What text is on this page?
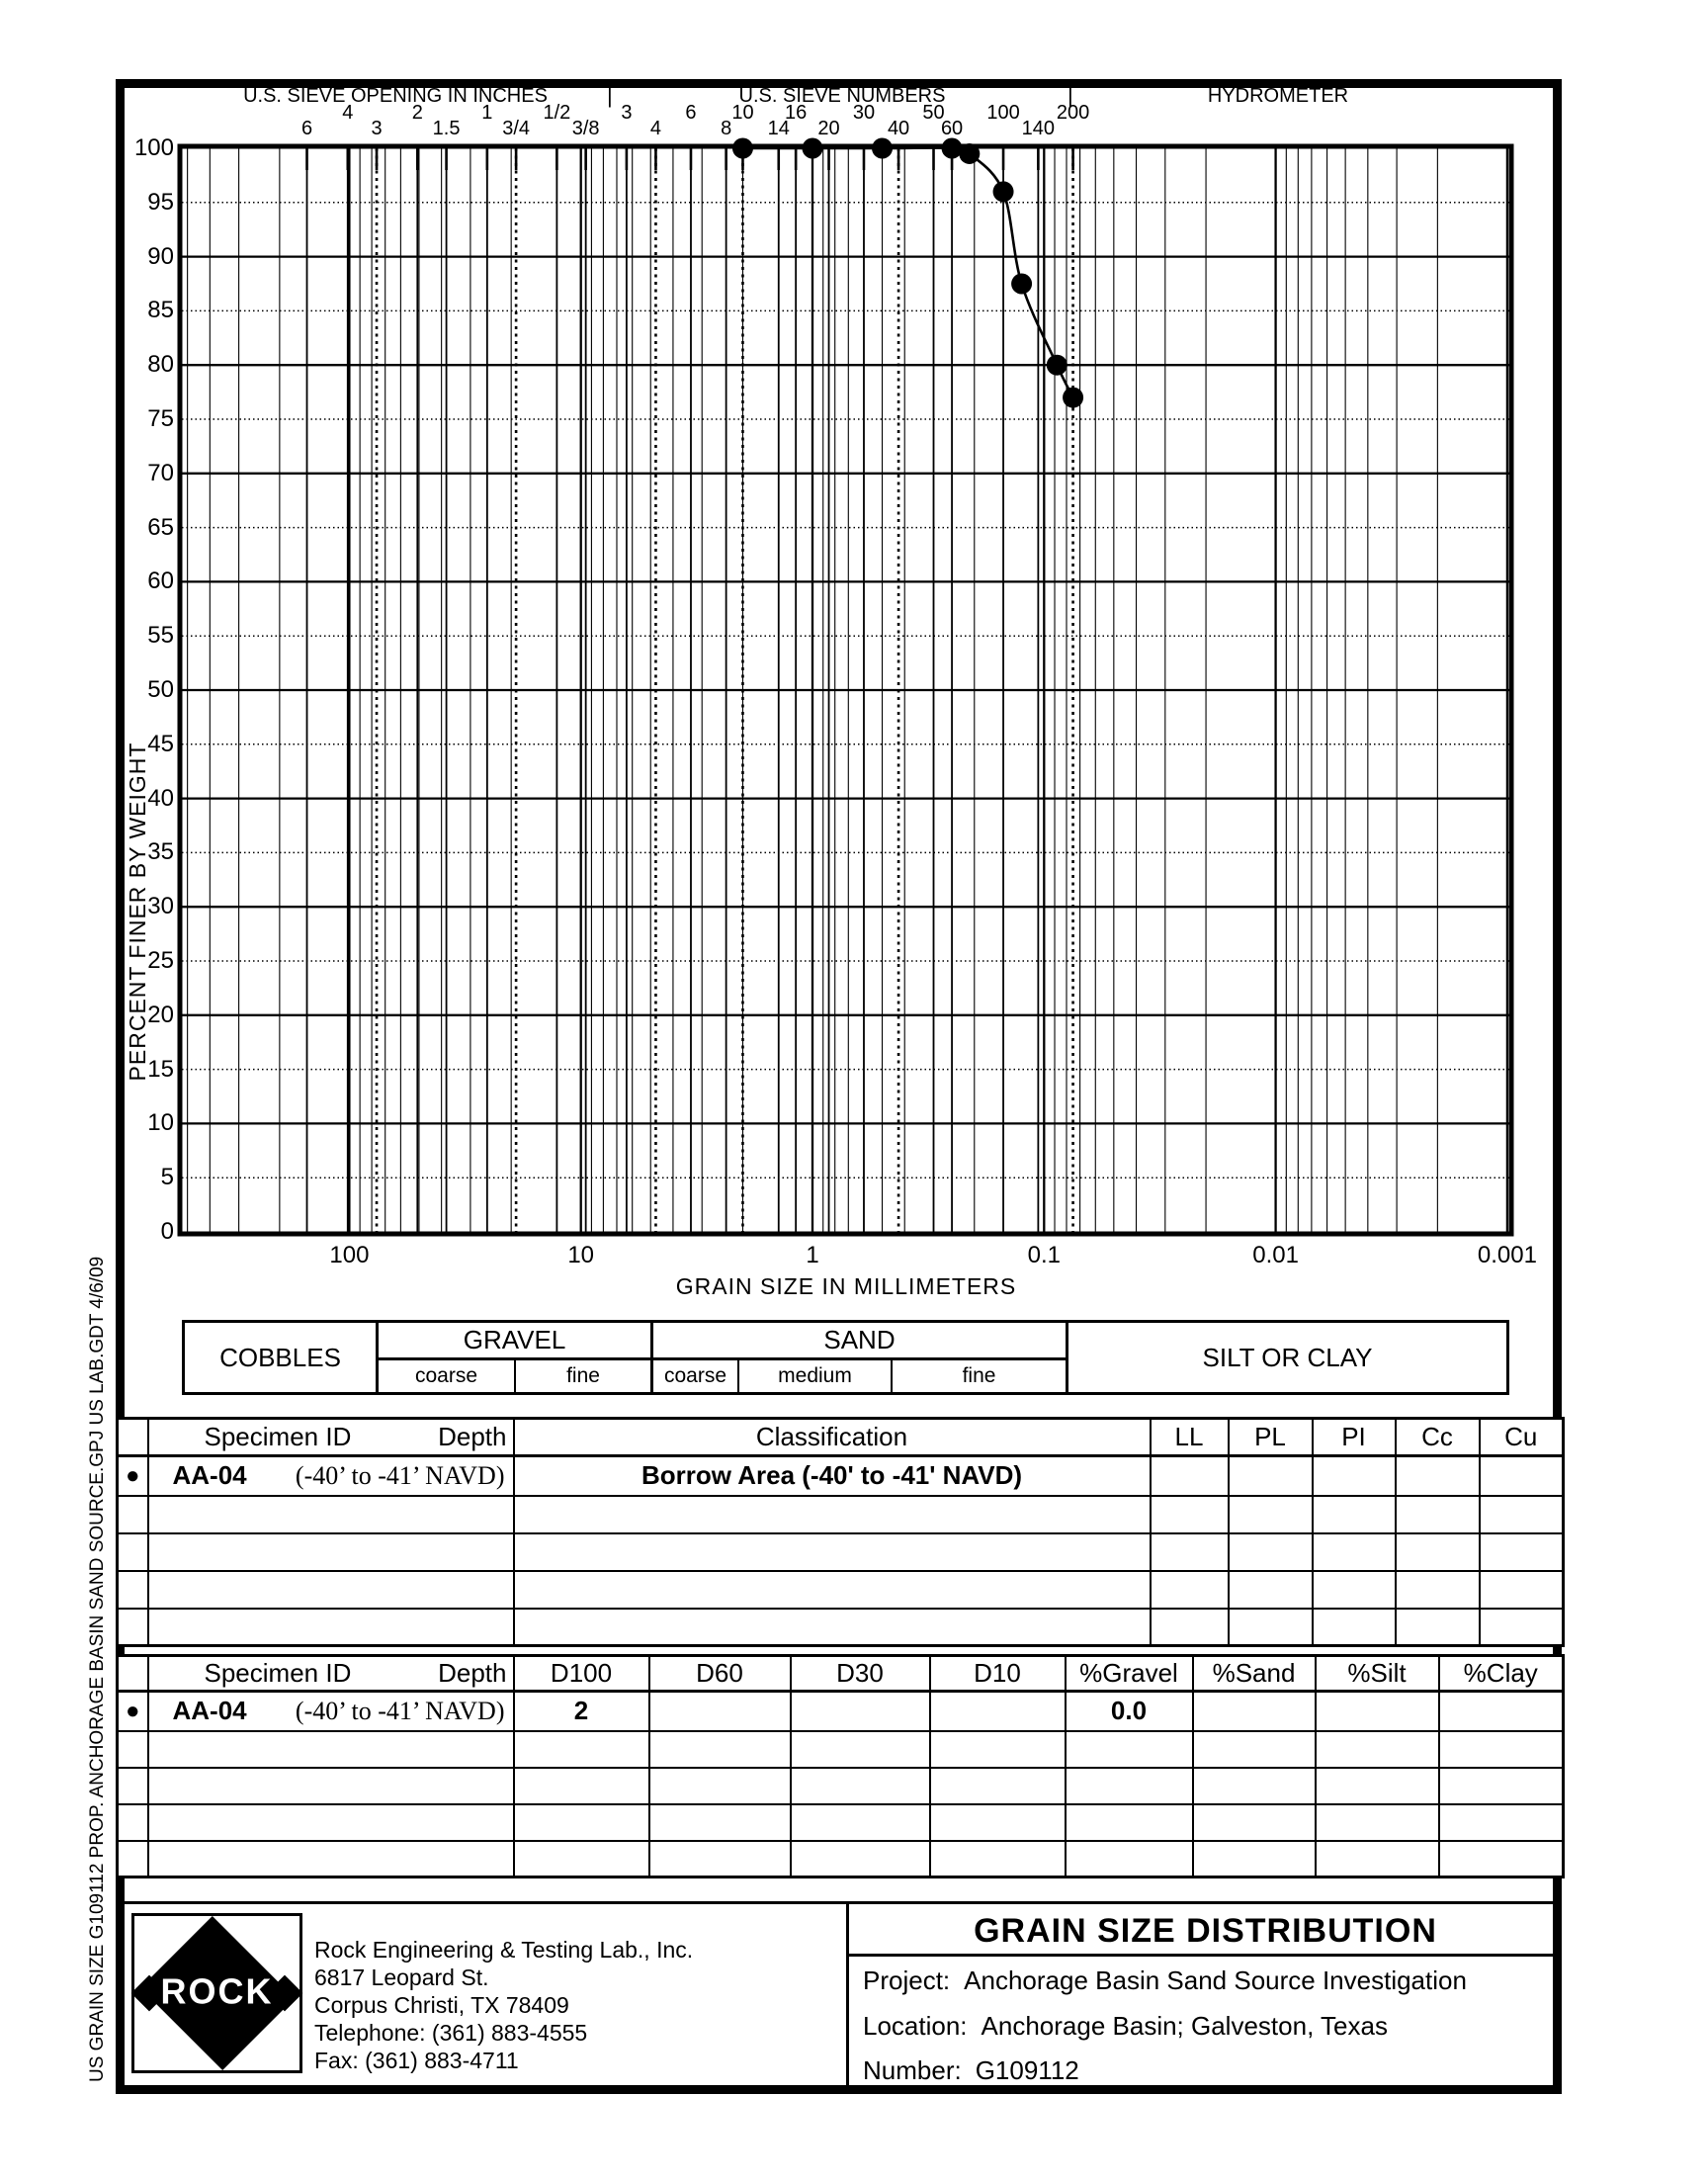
US GRAIN SIZE G109112 PROP. ANCHORAGE BASIN SAND SOURCE.GPJ US LAB.GDT 4/6/09
U.S. SIEVE OPENING IN INCHES	|	U.S. SIEVE NUMBERS	|	HYDROMETER
PERCENT FINER BY WEIGHT
GRAIN SIZE IN MILLIMETERS
COBBLES
GRAVEL
coarse	fine
SAND
coarse	medium	fine
SILT OR CLAY

	Specimen ID Depth	Classification	LL	PL	PI	Cc	Cu
●	AA-04 (-40’ to -41’ NAVD)	Borrow Area (-40' to -41' NAVD)					

	Specimen ID Depth	D100	D60	D30	D10	%Gravel	%Sand	%Silt	%Clay
●	AA-04 (-40’ to -41’ NAVD)	2				0.0			

ROCK
Rock Engineering & Testing Lab., Inc.
6817 Leopard St.
Corpus Christi, TX 78409
Telephone: (361) 883-4555
Fax: (361) 883-4711
GRAIN SIZE DISTRIBUTION
Project: Anchorage Basin Sand Source Investigation
Location: Anchorage Basin; Galveston, Texas
Number: G109112
6
4
3
2
1.5
1
3/4
1/2
3/8
3
4
6
8
10
14
16
20
30
40
50
60
100
140
200
100
95
90
85
80
75
70
65
60
55
50
45
40
35
30
25
20
15
10
5
0
100	10	1	0.1	0.01	0.001
